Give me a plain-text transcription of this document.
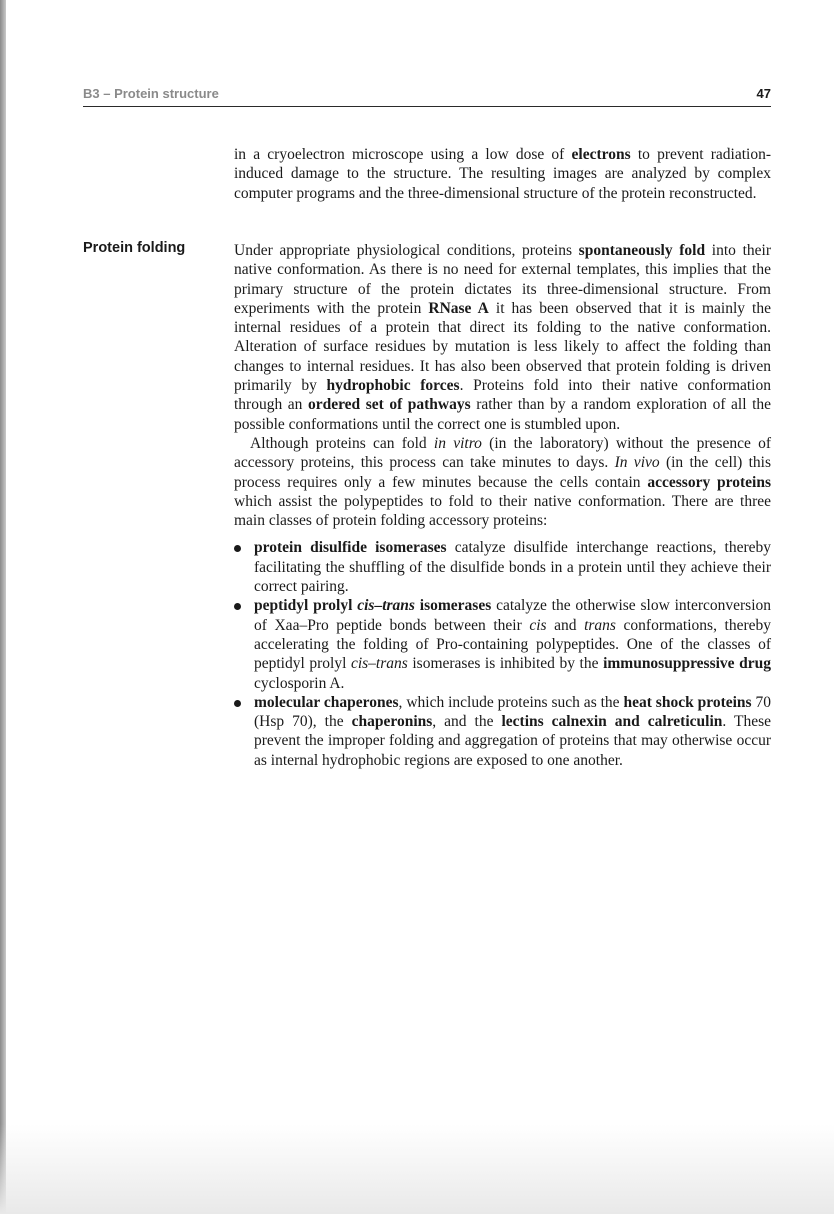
B3 – Protein structure	47

in a cryoelectron microscope using a low dose of electrons to prevent radiation-induced damage to the structure. The resulting images are analyzed by complex computer programs and the three-dimensional structure of the protein reconstructed.

Protein folding	Under appropriate physiological conditions, proteins spontaneously fold into their native conformation. As there is no need for external templates, this implies that the primary structure of the protein dictates its three-dimensional structure. From experiments with the protein RNase A it has been observed that it is mainly the internal residues of a protein that direct its folding to the native conformation. Alteration of surface residues by mutation is less likely to affect the folding than changes to internal residues. It has also been observed that protein folding is driven primarily by hydrophobic forces. Proteins fold into their native conformation through an ordered set of pathways rather than by a random exploration of all the possible conformations until the correct one is stumbled upon.

Although proteins can fold in vitro (in the laboratory) without the presence of accessory proteins, this process can take minutes to days. In vivo (in the cell) this process requires only a few minutes because the cells contain accessory proteins which assist the polypeptides to fold to their native conformation. There are three main classes of protein folding accessory proteins:

protein disulfide isomerases catalyze disulfide interchange reactions, thereby facilitating the shuffling of the disulfide bonds in a protein until they achieve their correct pairing.
peptidyl prolyl cis–trans isomerases catalyze the otherwise slow interconversion of Xaa–Pro peptide bonds between their cis and trans conformations, thereby accelerating the folding of Pro-containing polypeptides. One of the classes of peptidyl prolyl cis–trans isomerases is inhibited by the immunosuppressive drug cyclosporin A.
molecular chaperones, which include proteins such as the heat shock proteins 70 (Hsp 70), the chaperonins, and the lectins calnexin and calreticulin. These prevent the improper folding and aggregation of proteins that may otherwise occur as internal hydrophobic regions are exposed to one another.
